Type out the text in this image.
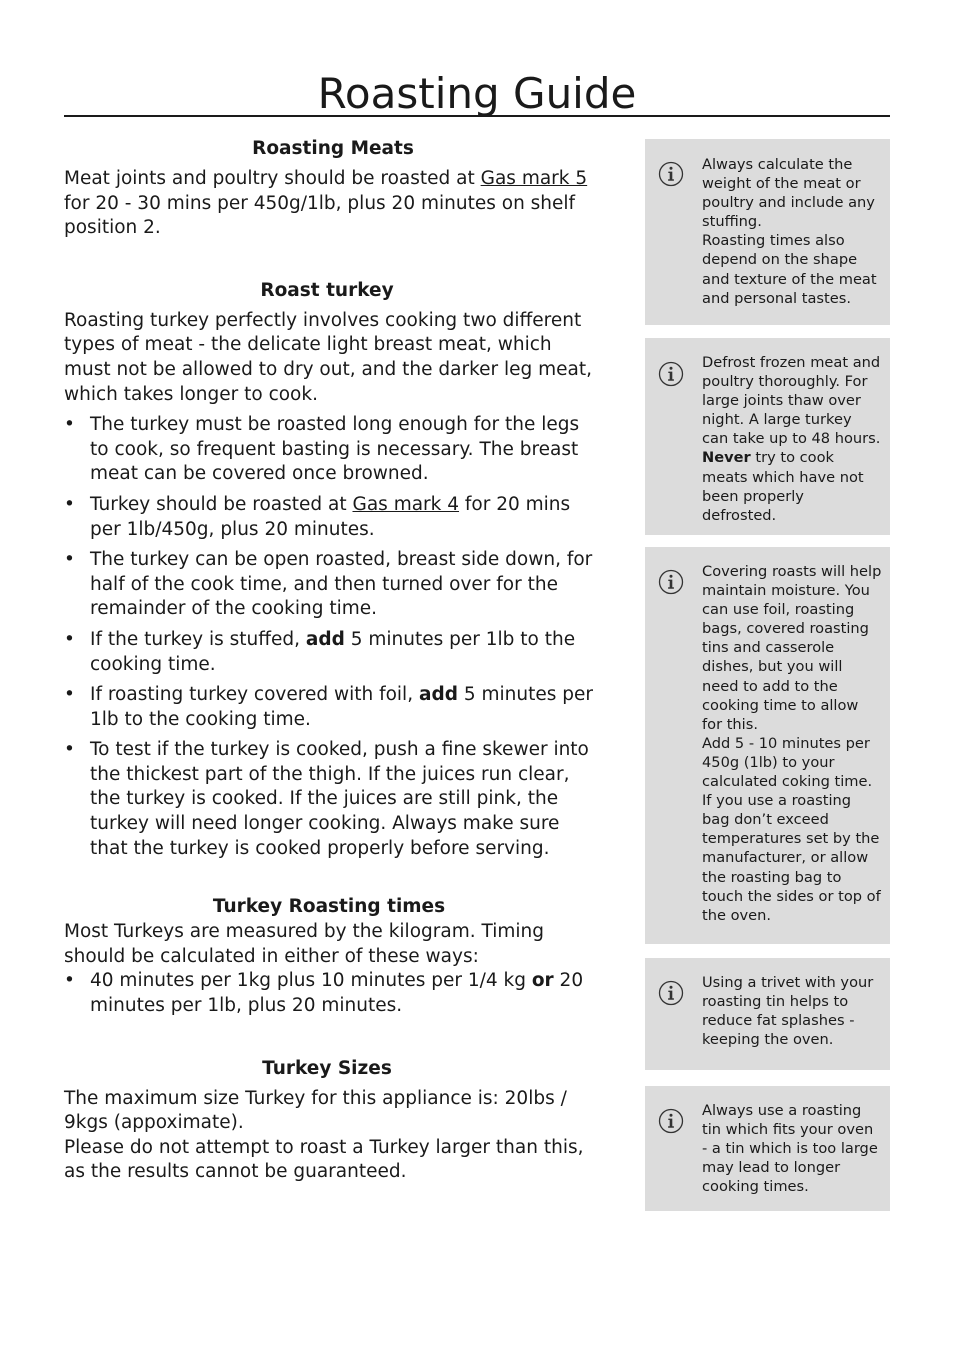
Roasting Guide
Roasting Meats

Meat joints and poultry should be roasted at Gas mark 5 for 20 - 30 mins per 450g/1lb, plus 20 minutes on shelf position 2.

Roast turkey

Roasting turkey perfectly involves cooking two different types of meat - the delicate light breast meat, which must not be allowed to dry out, and the darker leg meat, which takes longer to cook.

• The turkey must be roasted long enough for the legs to cook, so frequent basting is necessary. The breast meat can be covered once browned.
• Turkey should be roasted at Gas mark 4 for 20 mins per 1lb/450g, plus 20 minutes.
• The turkey can be open roasted, breast side down, for half of the cook time, and then turned over for the remainder of the cooking time.
• If the turkey is stuffed, add 5 minutes per 1lb to the cooking time.
• If roasting turkey covered with foil, add 5 minutes per 1lb to the cooking time.
• To test if the turkey is cooked, push a fine skewer into the thickest part of the thigh. If the juices run clear, the turkey is cooked. If the juices are still pink, the turkey will need longer cooking. Always make sure that the turkey is cooked properly before serving.
Turkey Roasting times

Most Turkeys are measured by the kilogram. Timing should be calculated in either of these ways:

• 40 minutes per 1kg plus 10 minutes per 1/4 kg or 20 minutes per 1lb, plus 20 minutes.
Turkey Sizes

The maximum size Turkey for this appliance is: 20lbs / 9kgs (appoximate).

Please do not attempt to roast a Turkey larger than this, as the results cannot be guaranteed.

Always calculate the weight of the meat or poultry and include any stuffing.

Roasting times also depend on the shape and texture of the meat and personal tastes.

Defrost frozen meat and poultry thoroughly. For large joints thaw over night. A large turkey can take up to 48 hours. Never try to cook meats which have not been properly defrosted.

Covering roasts will help maintain moisture. You can use foil, roasting bags, covered roasting tins and casserole dishes, but you will need to add to the cooking time to allow for this.

Add 5 - 10 minutes per 450g (1lb) to your calculated coking time.

If you use a roasting bag don’t exceed temperatures set by the manufacturer, or allow the roasting bag to touch the sides or top of the oven.

Using a trivet with your roasting tin helps to reduce fat splashes - keeping the oven.

Always use a roasting tin which fits your oven - a tin which is too large may lead to longer cooking times.
